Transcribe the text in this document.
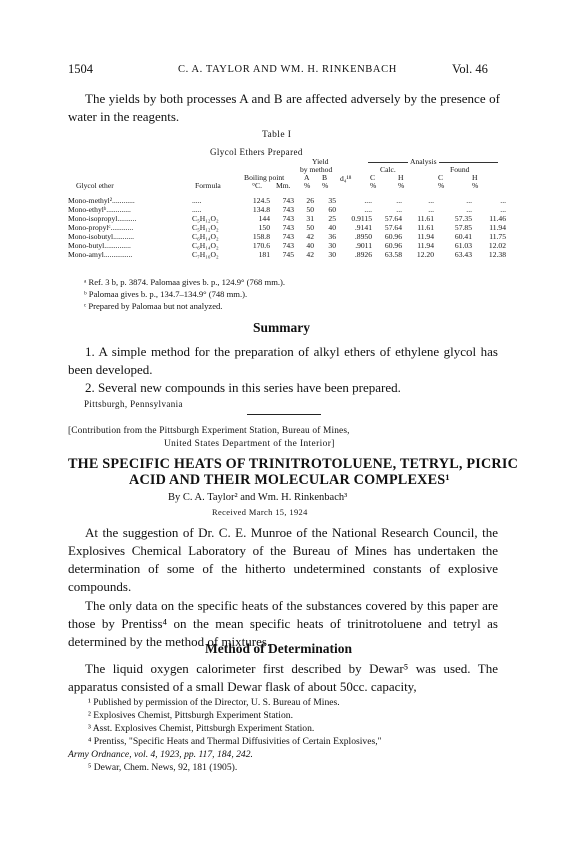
1504	C. A. TAYLOR AND WM. H. RINKENBACH	Vol. 46
The yields by both processes A and B are affected adversely by the presence of water in the reagents.
Table I
Glycol Ethers Prepared
Yield
by method
Boiling point	A B d₄¹⁸
°C. Mm. % %
Glycol ether	Formula
Analysis
Calc.	Found
C	H	C	H
%	%	%	%
Mono-methyl²............	.....	124.5	743	26	35	....	...	...	...	...
Mono-ethylᵇ.............	.....	134.8	743	50	60	....	...	...	...	...
Mono-isopropyl..........	C₅H₁₂O₂	144	743	31	25	0.9115	57.64	11.61	57.35	11.46
Mono-propylᶜ............	C₅H₁₂O₂	150	743	50	40	.9141	57.64	11.61	57.85	11.94
Mono-isobutyl...........	C₆H₁₄O₂	158.8	743	42	36	.8950	60.96	11.94	60.41	11.75
Mono-butyl..............	C₆H₁₄O₂	170.6	743	40	30	.9011	60.96	11.94	61.03	12.02
Mono-amyl...............	C₇H₁₆O₂	181	745	42	30	.8926	63.58	12.20	63.43	12.38
ᵃ Ref. 3 b, p. 3874. Palomaa gives b. p., 124.9° (768 mm.).
ᵇ Palomaa gives b. p., 134.7–134.9° (748 mm.).
ᶜ Prepared by Palomaa but not analyzed.
Summary
1. A simple method for the preparation of alkyl ethers of ethylene glycol has been developed.
2. Several new compounds in this series have been prepared.
Pittsburgh, Pennsylvania
[Contribution from the Pittsburgh Experiment Station, Bureau of Mines,
United States Department of the Interior]
THE SPECIFIC HEATS OF TRINITROTOLUENE, TETRYL, PICRIC
ACID AND THEIR MOLECULAR COMPLEXES¹
By C. A. Taylor² and Wm. H. Rinkenbach³
Received March 15, 1924
At the suggestion of Dr. C. E. Munroe of the National Research Council, the Explosives Chemical Laboratory of the Bureau of Mines has undertaken the determination of some of the hitherto undetermined constants of explosive compounds.
The only data on the specific heats of the substances covered by this paper are those by Prentiss⁴ on the mean specific heats of trinitrotoluene and tetryl as determined by the method of mixtures.
Method of Determination
The liquid oxygen calorimeter first described by Dewar⁵ was used. The apparatus consisted of a small Dewar flask of about 50cc. capacity,
¹ Published by permission of the Director, U. S. Bureau of Mines.
² Explosives Chemist, Pittsburgh Experiment Station.
³ Asst. Explosives Chemist, Pittsburgh Experiment Station.
⁴ Prentiss, "Specific Heats and Thermal Diffusivities of Certain Explosives,"
Army Ordnance, vol. 4, 1923, pp. 117, 184, 242.
⁵ Dewar, Chem. News, 92, 181 (1905).
